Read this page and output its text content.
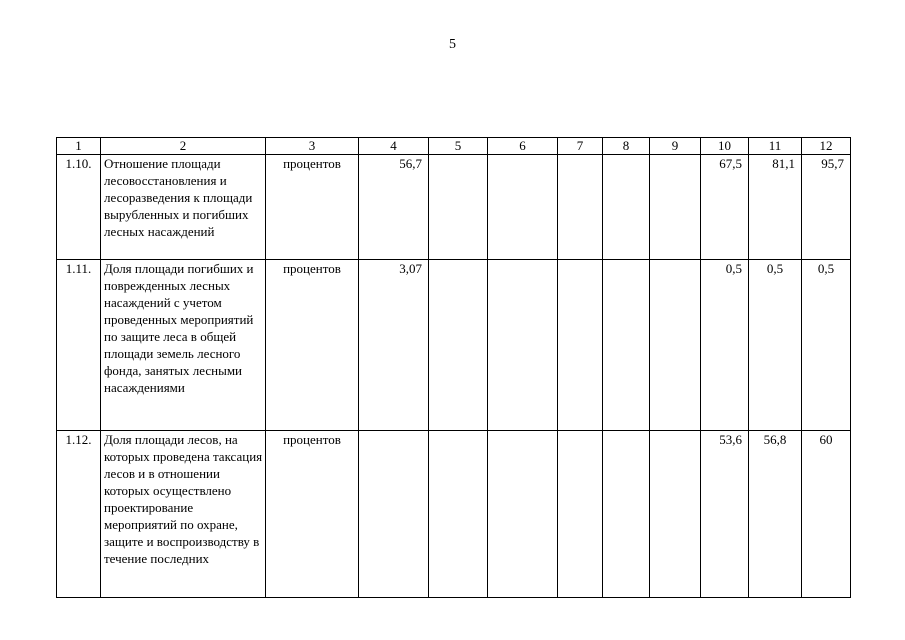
5
1	2	3	4	5	6	7	8	9	10	11	12
1.10.	Отношение площади лесовосстановления и лесоразведения к площади вырубленных и погибших лесных насаждений	процентов	56,7						67,5	81,1	95,7
1.11.	Доля площади погибших и поврежденных лесных насаждений с учетом проведенных мероприятий по защите леса в общей площади земель лесного фонда, занятых лесными насаждениями	процентов	3,07						0,5	0,5	0,5
1.12.	Доля площади лесов, на которых проведена таксация лесов и в отношении которых осуществлено проектирование мероприятий по охране, защите и воспроизводству в течение последних	процентов							53,6	56,8	60
